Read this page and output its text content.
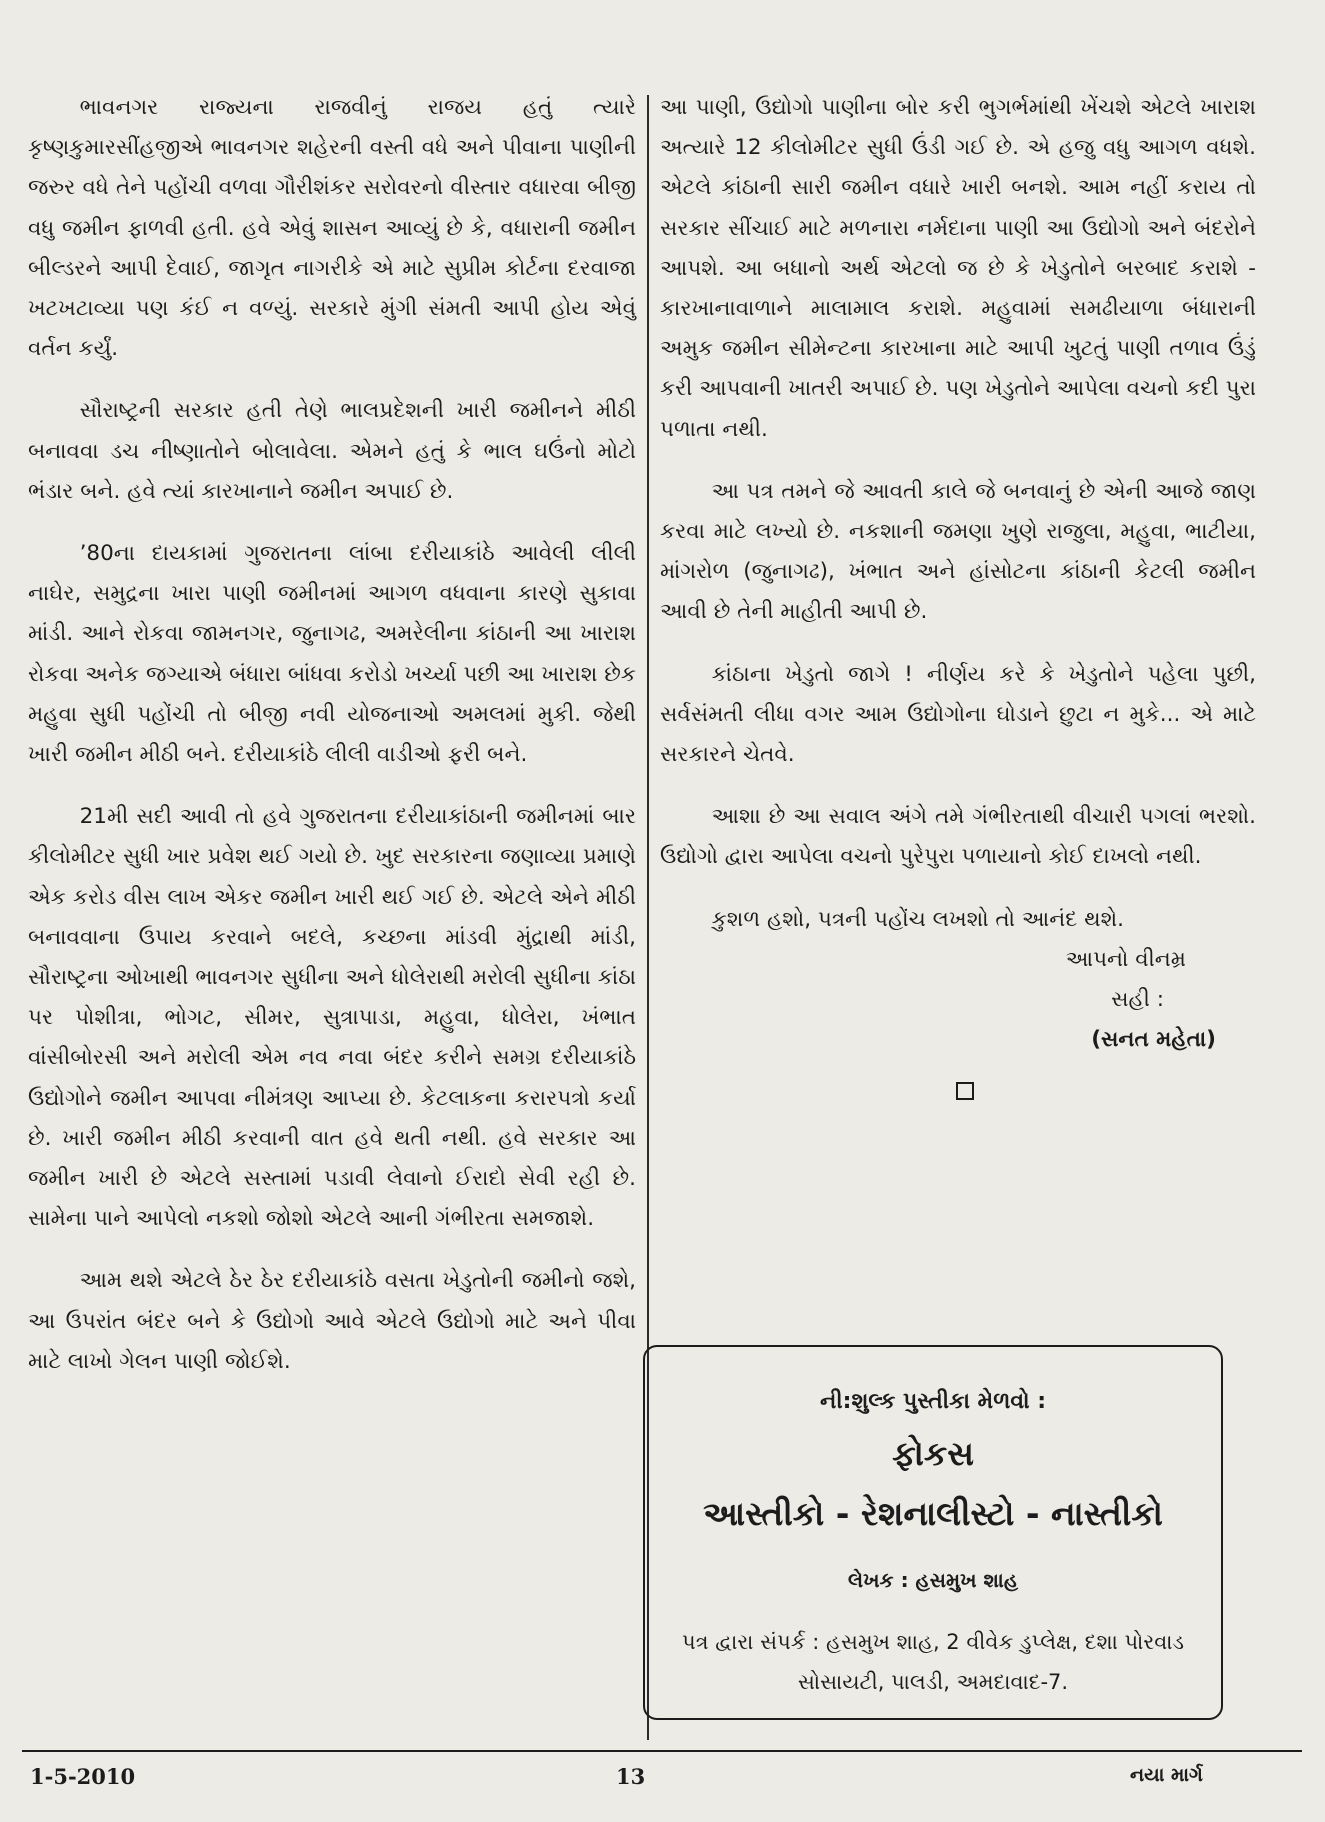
ભાવનગર રાજ્યના રાજવીનું રાજય હતું ત્યારે કૃષ્ણકુમારસીંહજીએ ભાવનગર શહેરની વસ્તી વધે અને પીવાના પાણીની જરુર વધે તેને પહોંચી વળવા ગૌરીશંકર સરોવરનો વીસ્તાર વધારવા બીજી વધુ જમીન ફાળવી હતી. હવે એવું શાસન આવ્યું છે કે, વધારાની જમીન બીલ્ડરને આપી દેવાઈ, જાગૃત નાગરીકે એ માટે સુપ્રીમ કોર્ટના દરવાજા ખટખટાવ્યા પણ કંઈ ન વળ્યું. સરકારે મુંગી સંમતી આપી હોય એવું વર્તન કર્યું.

સૌરાષ્ટ્રની સરકાર હતી તેણે ભાલપ્રદેશની ખારી જમીનને મીઠી બનાવવા ડચ નીષ્ણાતોને બોલાવેલા. એમને હતું કે ભાલ ઘઉંનો મોટો ભંડાર બને. હવે ત્યાં કારખાનાને જમીન અપાઈ છે.

’80ના દાયકામાં ગુજરાતના લાંબા દરીયાકાંઠે આવેલી લીલી નાઘેર, સમુદ્રના ખારા પાણી જમીનમાં આગળ વધવાના કારણે સુકાવા માંડી. આને રોકવા જામનગર, જુનાગઢ, અમરેલીના કાંઠાની આ ખારાશ રોકવા અનેક જગ્યાએ બંધારા બાંધવા કરોડો ખર્ચ્યા પછી આ ખારાશ છેક મહુવા સુધી પહોંચી તો બીજી નવી યોજનાઓ અમલમાં મુકી. જેથી ખારી જમીન મીઠી બને. દરીયાકાંઠે લીલી વાડીઓ ફરી બને.

21મી સદી આવી તો હવે ગુજરાતના દરીયાકાંઠાની જમીનમાં બાર કીલોમીટર સુધી ખાર પ્રવેશ થઈ ગયો છે. ખુદ સરકારના જણાવ્યા પ્રમાણે એક કરોડ વીસ લાખ એકર જમીન ખારી થઈ ગઈ છે. એટલે એને મીઠી બનાવવાના ઉપાય કરવાને બદલે, કચ્છના માંડવી મુંદ્રાથી માંડી, સૌરાષ્ટ્રના ઓખાથી ભાવનગર સુધીના અને ધોલેરાથી મરોલી સુધીના કાંઠા પર પોશીત્રા, ભોગટ, સીમર, સુત્રાપાડા, મહુવા, ધોલેરા, ખંભાત વાંસીબોરસી અને મરોલી એમ નવ નવા બંદર કરીને સમગ્ર દરીયાકાંઠે ઉદ્યોગોને જમીન આપવા નીમંત્રણ આપ્યા છે. કેટલાકના કરારપત્રો કર્યા છે. ખારી જમીન મીઠી કરવાની વાત હવે થતી નથી. હવે સરકાર આ જમીન ખારી છે એટલે સસ્તામાં પડાવી લેવાનો ઈરાદો સેવી રહી છે. સામેના પાને આપેલો નકશો જોશો એટલે આની ગંભીરતા સમજાશે.

આમ થશે એટલે ઠેર ઠેર દરીયાકાંઠે વસતા ખેડુતોની જમીનો જશે, આ ઉપરાંત બંદર બને કે ઉદ્યોગો આવે એટલે ઉદ્યોગો માટે અને પીવા માટે લાખો ગેલન પાણી જોઈશે.

આ પાણી, ઉદ્યોગો પાણીના બોર કરી ભુગર્ભમાંથી ખેંચશે એટલે ખારાશ અત્યારે 12 કીલોમીટર સુધી ઉંડી ગઈ છે. એ હજુ વધુ આગળ વધશે. એટલે કાંઠાની સારી જમીન વધારે ખારી બનશે. આમ નહીં કરાય તો સરકાર સીંચાઈ માટે મળનારા નર્મદાના પાણી આ ઉદ્યોગો અને બંદરોને આપશે. આ બધાનો અર્થ એટલો જ છે કે ખેડુતોને બરબાદ કરાશે - કારખાનાવાળાને માલામાલ કરાશે. મહુવામાં સમઢીયાળા બંધારાની અમુક જમીન સીમેન્ટના કારખાના માટે આપી ખુટતું પાણી તળાવ ઉંડું કરી આપવાની ખાતરી અપાઈ છે. પણ ખેડુતોને આપેલા વચનો કદી પુરા પળાતા નથી.

આ પત્ર તમને જે આવતી કાલે જે બનવાનું છે એની આજે જાણ કરવા માટે લખ્યો છે. નકશાની જમણા ખુણે રાજુલા, મહુવા, ભાટીયા, માંગરોળ (જુનાગઢ), ખંભાત અને હાંસોટના કાંઠાની કેટલી જમીન આવી છે તેની માહીતી આપી છે.

કાંઠાના ખેડુતો જાગે ! નીર્ણય કરે કે ખેડુતોને પહેલા પુછી, સર્વસંમતી લીધા વગર આમ ઉદ્યોગોના ઘોડાને છુટા ન મુકે... એ માટે સરકારને ચેતવે.

આશા છે આ સવાલ અંગે તમે ગંભીરતાથી વીચારી પગલાં ભરશો. ઉદ્યોગો દ્વારા આપેલા વચનો પુરેપુરા પળાયાનો કોઈ દાખલો નથી.

કુશળ હશો, પત્રની પહોંચ લખશો તો આનંદ થશે.

આપનો વીનમ્ર
સહી :
(સનત મહેતા)
ની:શુલ્ક પુસ્તીકા મેળવો :
ફોકસ
આસ્તીકો - રેશનાલીસ્ટો - નાસ્તીકો
લેખક : હસમુખ શાહ
પત્ર દ્વારા સંપર્ક : હસમુખ શાહ, 2 વીવેક ડુપ્લેક્ષ, દશા પોરવાડ સોસાયટી, પાલડી, અમદાવાદ-7.
1-5-2010	13	નયા માર્ગ
